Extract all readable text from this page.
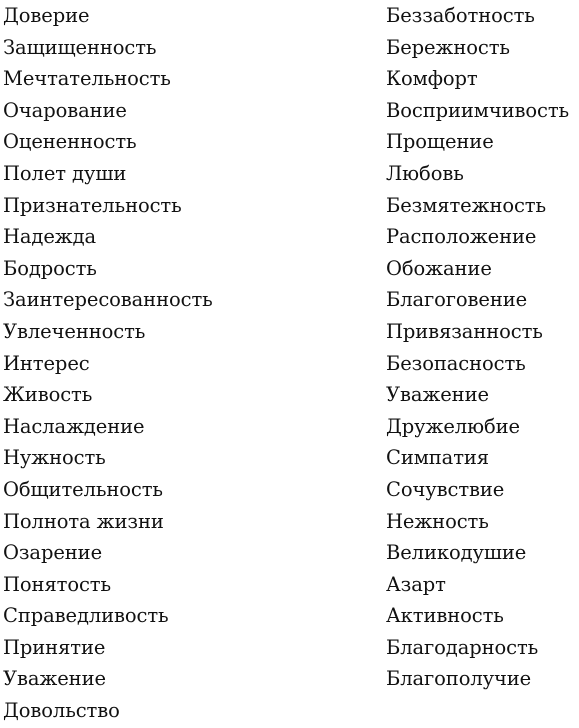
Доверие
Защищенность
Мечтательность
Очарование
Оцененность
Полет души
Признательность
Надежда
Бодрость
Заинтересованность
Увлеченность
Интерес
Живость
Наслаждение
Нужность
Общительность
Полнота жизни
Озарение
Понятость
Справедливость
Принятие
Уважение
Довольство
Беззаботность
Бережность
Комфорт
Восприимчивость
Прощение
Любовь
Безмятежность
Расположение
Обожание
Благоговение
Привязанность
Безопасность
Уважение
Дружелюбие
Симпатия
Сочувствие
Нежность
Великодушие
Азарт
Активность
Благодарность
Благополучие
